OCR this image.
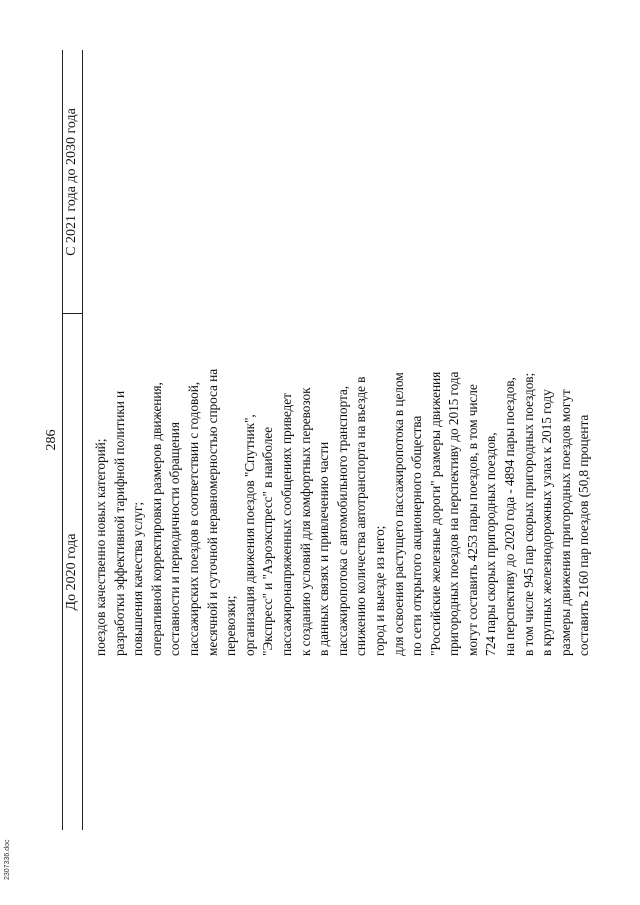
286
До 2020 года
С 2021 года до 2030 года

поездов качественно новых категорий; разработки эффективной тарифной политики и повышения качества услуг; оперативной корректировки размеров движения, составности и периодичности обращения пассажирских поездов в соответствии с годовой, месячной и суточной неравномерностью спроса на перевозки; организация движения поездов "Спутник", "Экспресс" и "Аэроэкспресс" в наиболее пассажиронапряженных сообщениях приведет к созданию условий для комфортных перевозок в данных связях и привлечению части пассажиропотока с автомобильного транспорта, снижению количества автотранспорта на въезде в город и выезде из него; для освоения растущего пассажиропотока в целом по сети открытого акционерного общества "Российские железные дороги" размеры движения пригородных поездов на перспективу до 2015 года могут составить 4253 пары поездов, в том числе 724 пары скорых пригородных поездов, на перспективу до 2020 года - 4894 пары поездов, в том числе 945 пар скорых пригородных поездов; в крупных железнодорожных узлах к 2015 году размеры движения пригородных поездов могут составить 2160 пар поездов (50,8 процента

2307336.doc
